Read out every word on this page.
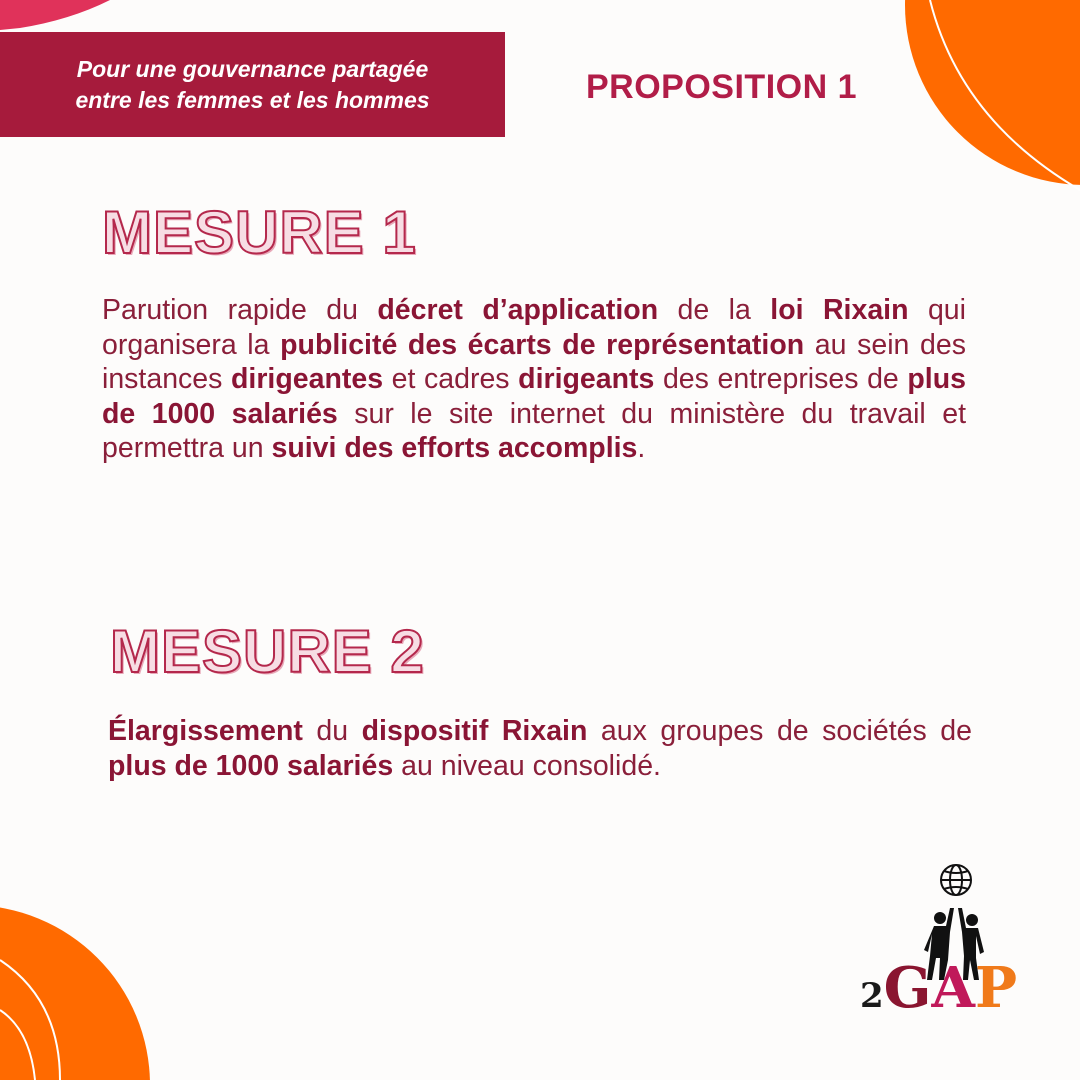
Pour une gouvernance partagée
entre les femmes et les hommes	PROPOSITION 1
MESURE 1
Parution rapide du décret d’application de la loi Rixain qui organisera la publicité des écarts de représentation au sein des instances dirigeantes et cadres dirigeants des entreprises de plus de 1000 salariés sur le site internet du ministère du travail et permettra un suivi des efforts accomplis.
MESURE 2
Élargissement du dispositif Rixain aux groupes de sociétés de plus de 1000 salariés au niveau consolidé.
2GAP
